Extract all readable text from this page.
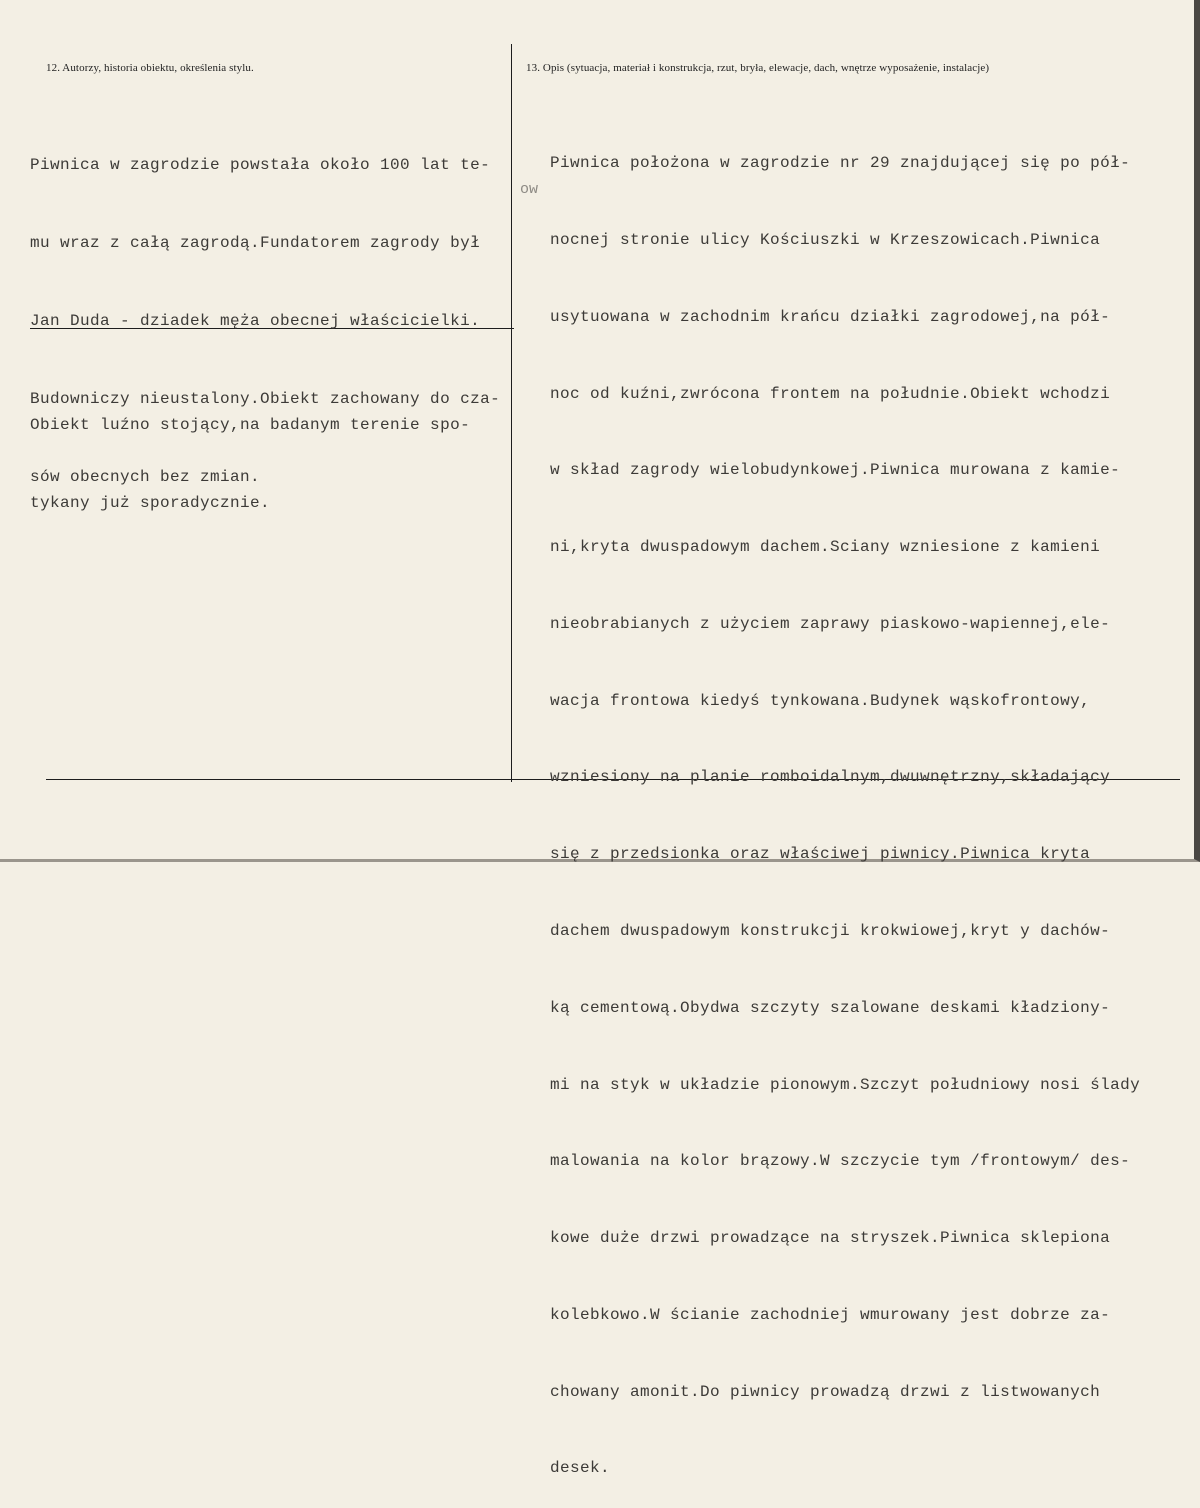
12. Autorzy, historia obiektu, określenia stylu.	13. Opis (sytuacja, materiał i konstrukcja, rzut, bryła, elewacje, dach, wnętrze wyposażenie, instalacje)

Piwnica w zagrodzie powstała około 100 lat te-

mu wraz z całą zagrodą.Fundatorem zagrody był

Jan Duda - dziadek męża obecnej właścicielki.

Budowniczy nieustalony.Obiekt zachowany do cza-

sów obecnych bez zmian.

ow

Obiekt luźno stojący,na badanym terenie spo-

tykany już sporadycznie.

Piwnica położona w zagrodzie nr 29 znajdującej się po pół-

nocnej stronie ulicy Kościuszki w Krzeszowicach.Piwnica

usytuowana w zachodnim krańcu działki zagrodowej,na pół-

noc od kuźni,zwrócona frontem na południe.Obiekt wchodzi

w skład zagrody wielobudynkowej.Piwnica murowana z kamie-

ni,kryta dwuspadowym dachem.Sciany wzniesione z kamieni

nieobrabianych z użyciem zaprawy piaskowo-wapiennej,ele-

wacja frontowa kiedyś tynkowana.Budynek wąskofrontowy,

wzniesiony na planie romboidalnym,dwuwnętrzny,składający

się z przedsionka oraz właściwej piwnicy.Piwnica kryta

dachem dwuspadowym konstrukcji krokwiowej,kryt y dachów-

ką cementową.Obydwa szczyty szalowane deskami kładziony-

mi na styk w układzie pionowym.Szczyt południowy nosi ślady

malowania na kolor brązowy.W szczycie tym /frontowym/ des-

kowe duże drzwi prowadzące na stryszek.Piwnica sklepiona

kolebkowo.W ścianie zachodniej wmurowany jest dobrze za-

chowany amonit.Do piwnicy prowadzą drzwi z listwowanych

desek.
